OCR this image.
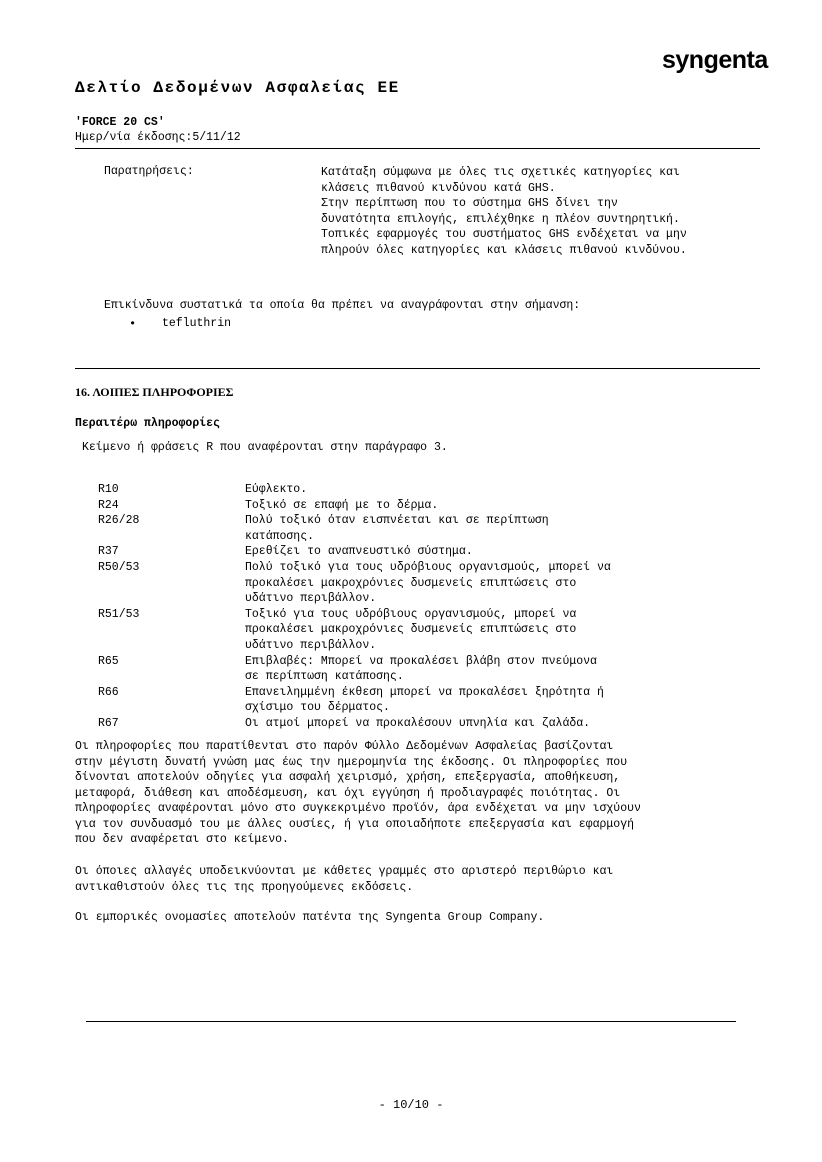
syngenta
Δελτίο Δεδομένων Ασφαλείας ΕΕ
'FORCE 20 CS'
Ημερ/νία έκδοσης:5/11/12
Παρατηρήσεις:	Κατάταξη σύμφωνα με όλες τις σχετικές κατηγορίες και
κλάσεις πιθανού κινδύνου κατά GHS.
Στην περίπτωση που το σύστημα GHS δίνει την
δυνατότητα επιλογής, επιλέχθηκε η πλέον συντηρητική.
Τοπικές εφαρμογές του συστήματος GHS ενδέχεται να μην
πληρούν όλες κατηγορίες και κλάσεις πιθανού κινδύνου.
Επικίνδυνα συστατικά τα οποία θα πρέπει να αναγράφονται στην σήμανση:
• tefluthrin
16. ΛΟΙΠΕΣ ΠΛΗΡΟΦΟΡΙΕΣ
Περαιτέρω πληροφορίες
Κείμενο ή φράσεις R που αναφέρονται στην παράγραφο 3.
R10	Εύφλεκτο.
R24	Τοξικό σε επαφή με το δέρμα.
R26/28	Πολύ τοξικό όταν εισπνέεται και σε περίπτωση
κατάποσης.
R37	Ερεθίζει το αναπνευστικό σύστημα.
R50/53	Πολύ τοξικό για τους υδρόβιους οργανισμούς, μπορεί να
προκαλέσει μακροχρόνιες δυσμενείς επιπτώσεις στο
υδάτινο περιβάλλον.
R51/53	Τοξικό για τους υδρόβιους οργανισμούς, μπορεί να
προκαλέσει μακροχρόνιες δυσμενείς επιπτώσεις στο
υδάτινο περιβάλλον.
R65	Επιβλαβές: Μπορεί να προκαλέσει βλάβη στον πνεύμονα
σε περίπτωση κατάποσης.
R66	Επανειλημμένη έκθεση μπορεί να προκαλέσει ξηρότητα ή
σχίσιμο του δέρματος.
R67	Οι ατμοί μπορεί να προκαλέσουν υπνηλία και ζαλάδα.
Οι πληροφορίες που παρατίθενται στο παρόν Φύλλο Δεδομένων Ασφαλείας βασίζονται
στην μέγιστη δυνατή γνώση μας έως την ημερομηνία της έκδοσης. Οι πληροφορίες που
δίνονται αποτελούν οδηγίες για ασφαλή χειρισμό, χρήση, επεξεργασία, αποθήκευση,
μεταφορά, διάθεση και αποδέσμευση, και όχι εγγύηση ή προδιαγραφές ποιότητας. Οι
πληροφορίες αναφέρονται μόνο στο συγκεκριμένο προϊόν, άρα ενδέχεται να μην ισχύουν
για τον συνδυασμό του με άλλες ουσίες, ή για οποιαδήποτε επεξεργασία και εφαρμογή
που δεν αναφέρεται στο κείμενο.
Οι όποιες αλλαγές υποδεικνύονται με κάθετες γραμμές στο αριστερό περιθώριο και
αντικαθιστούν όλες τις της προηγούμενες εκδόσεις.
Οι εμπορικές ονομασίες αποτελούν πατέντα της Syngenta Group Company.
- 10/10 -
